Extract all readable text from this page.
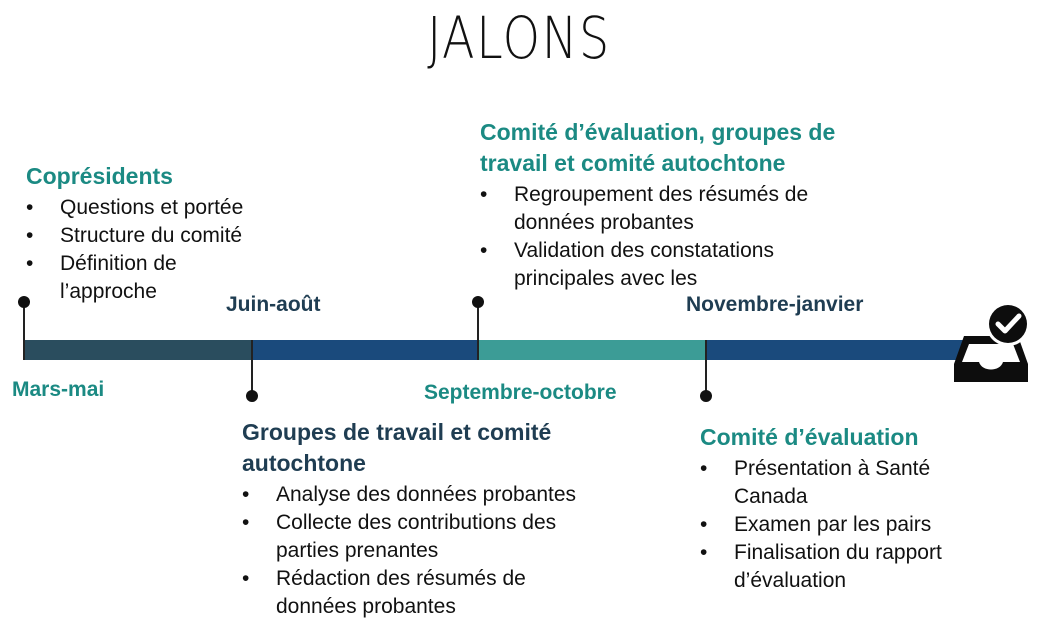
JALONS
Mars-mai
Juin-août
Septembre-octobre
Novembre-janvier
Coprésidents
• Questions et portée
• Structure du comité
• Définition de l’approche
Groupes de travail et comité autochtone
• Analyse des données probantes
• Collecte des contributions des parties prenantes
• Rédaction des résumés de données probantes
Comité d’évaluation, groupes de travail et comité autochtone
• Regroupement des résumés de données probantes
• Validation des constatations principales avec les
Comité d’évaluation
• Présentation à Santé Canada
• Examen par les pairs
• Finalisation du rapport d’évaluation
